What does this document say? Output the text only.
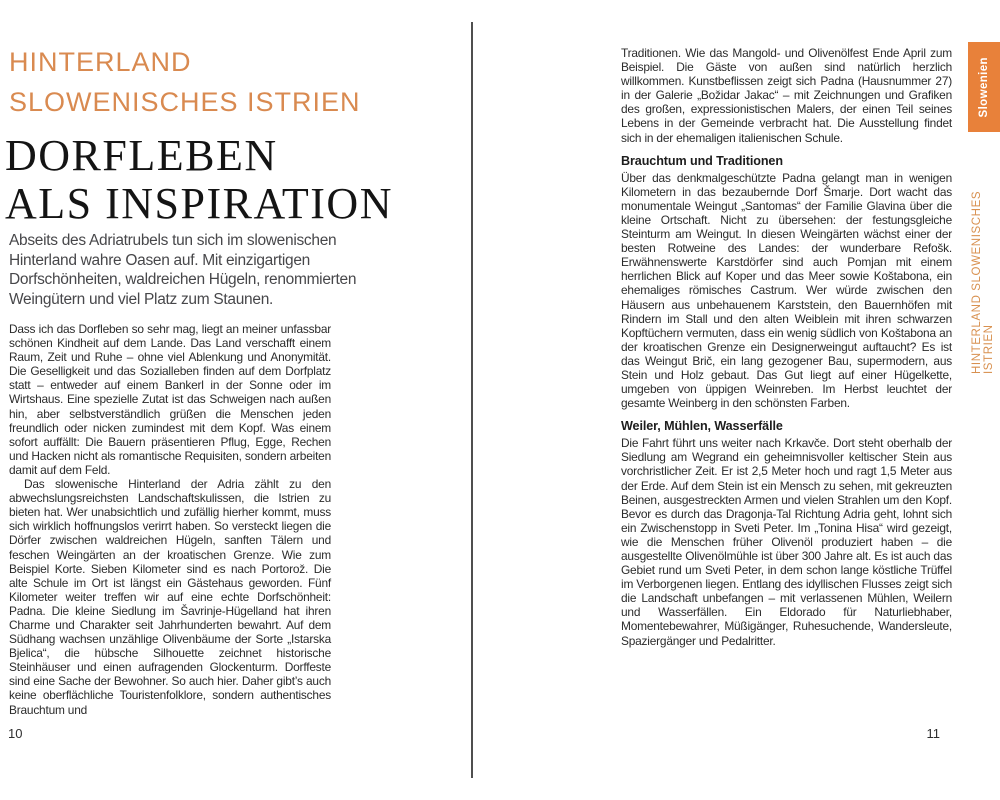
HINTERLAND
SLOWENISCHES ISTRIEN
DORFLEBEN
ALS INSPIRATION

Abseits des Adriatrubels tun sich im slowenischen Hinterland wahre Oasen auf. Mit einzigartigen Dorfschönheiten, waldreichen Hügeln, renommierten Weingütern und viel Platz zum Staunen.

Dass ich das Dorfleben so sehr mag, liegt an meiner unfassbar schönen Kindheit auf dem Lande. Das Land verschafft einem Raum, Zeit und Ruhe – ohne viel Ablenkung und Anonymität. Die Geselligkeit und das Sozialleben finden auf dem Dorfplatz statt – entweder auf einem Bankerl in der Sonne oder im Wirtshaus. Eine spezielle Zutat ist das Schweigen nach außen hin, aber selbstverständlich grüßen die Menschen jeden freundlich oder nicken zumindest mit dem Kopf. Was einem sofort auffällt: Die Bauern präsentieren Pflug, Egge, Rechen und Hacken nicht als romantische Requisiten, sondern arbeiten damit auf dem Feld.

Das slowenische Hinterland der Adria zählt zu den abwechslungsreichsten Landschaftskulissen, die Istrien zu bieten hat. Wer unabsichtlich und zufällig hierher kommt, muss sich wirklich hoffnungslos verirrt haben. So versteckt liegen die Dörfer zwischen waldreichen Hügeln, sanften Tälern und feschen Weingärten an der kroatischen Grenze. Wie zum Beispiel Korte. Sieben Kilometer sind es nach Portorož. Die alte Schule im Ort ist längst ein Gästehaus geworden. Fünf Kilometer weiter treffen wir auf eine echte Dorfschönheit: Padna. Die kleine Siedlung im Šavrinje-Hügelland hat ihren Charme und Charakter seit Jahrhunderten bewahrt. Auf dem Südhang wachsen unzählige Olivenbäume der Sorte „Istarska Bjelica“, die hübsche Silhouette zeichnet historische Steinhäuser und einen aufragenden Glockenturm. Dorffeste sind eine Sache der Bewohner. So auch hier. Daher gibt’s auch keine oberflächliche Touristenfolklore, sondern authentisches Brauchtum und

10

Traditionen. Wie das Mangold- und Olivenölfest Ende April zum Beispiel. Die Gäste von außen sind natürlich herzlich willkommen. Kunstbeflissen zeigt sich Padna (Hausnummer 27) in der Galerie „Božidar Jakac“ – mit Zeichnungen und Grafiken des großen, expressionistischen Malers, der einen Teil seines Lebens in der Gemeinde verbracht hat. Die Ausstellung findet sich in der ehemaligen italienischen Schule.

Brauchtum und Traditionen

Über das denkmalgeschützte Padna gelangt man in wenigen Kilometern in das bezaubernde Dorf Šmarje. Dort wacht das monumentale Weingut „Santomas“ der Familie Glavina über die kleine Ortschaft. Nicht zu übersehen: der festungsgleiche Steinturm am Weingut. In diesen Weingärten wächst einer der besten Rotweine des Landes: der wunderbare Refošk. Erwähnenswerte Karstdörfer sind auch Pomjan mit einem herrlichen Blick auf Koper und das Meer sowie Koštabona, ein ehemaliges römisches Castrum. Wer würde zwischen den Häusern aus unbehauenem Karststein, den Bauernhöfen mit Rindern im Stall und den alten Weiblein mit ihren schwarzen Kopftüchern vermuten, dass ein wenig südlich von Koštabona an der kroatischen Grenze ein Designerweingut auftaucht? Es ist das Weingut Brič, ein lang gezogener Bau, supermodern, aus Stein und Holz gebaut. Das Gut liegt auf einer Hügelkette, umgeben von üppigen Weinreben. Im Herbst leuchtet der gesamte Weinberg in den schönsten Farben.

Weiler, Mühlen, Wasserfälle

Die Fahrt führt uns weiter nach Krkavče. Dort steht oberhalb der Siedlung am Wegrand ein geheimnisvoller keltischer Stein aus vorchristlicher Zeit. Er ist 2,5 Meter hoch und ragt 1,5 Meter aus der Erde. Auf dem Stein ist ein Mensch zu sehen, mit gekreuzten Beinen, ausgestreckten Armen und vielen Strahlen um den Kopf. Bevor es durch das Dragonja-Tal Richtung Adria geht, lohnt sich ein Zwischenstopp in Sveti Peter. Im „Tonina Hisa“ wird gezeigt, wie die Menschen früher Olivenöl produziert haben – die ausgestellte Olivenölmühle ist über 300 Jahre alt. Es ist auch das Gebiet rund um Sveti Peter, in dem schon lange köstliche Trüffel im Verborgenen liegen. Entlang des idyllischen Flusses zeigt sich die Landschaft unbefangen – mit verlassenen Mühlen, Weilern und Wasserfällen. Ein Eldorado für Naturliebhaber, Momentebewahrer, Müßigänger, Ruhesuchende, Wandersleute, Spaziergänger und Pedalritter.

11
Slowenien
HINTERLAND SLOWENISCHES ISTRIEN
